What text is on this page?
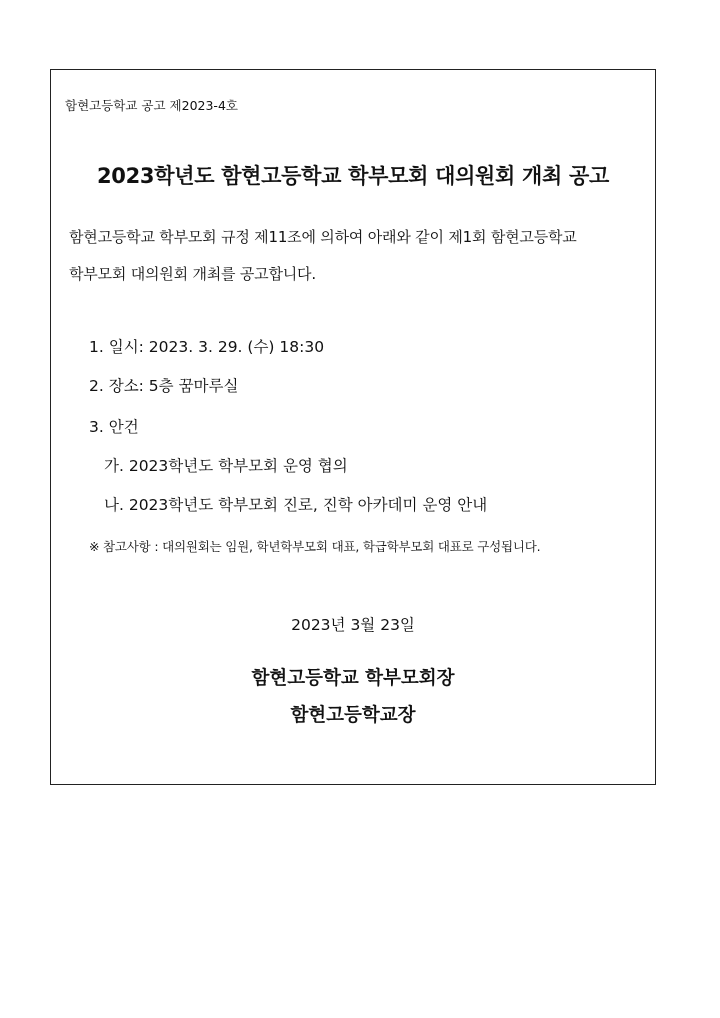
함현고등학교 공고 제2023-4호
2023학년도 함현고등학교 학부모회 대의원회 개최 공고
함현고등학교 학부모회 규정 제11조에 의하여 아래와 같이 제1회 함현고등학교
학부모회 대의원회 개최를 공고합니다.
1. 일시: 2023. 3. 29. (수) 18:30
2. 장소: 5층 꿈마루실
3. 안건
가. 2023학년도 학부모회 운영 협의
나. 2023학년도 학부모회 진로, 진학 아카데미 운영 안내
※ 참고사항 : 대의원회는 임원, 학년학부모회 대표, 학급학부모회 대표로 구성됩니다.
2023년 3월 23일
함현고등학교 학부모회장
함현고등학교장
